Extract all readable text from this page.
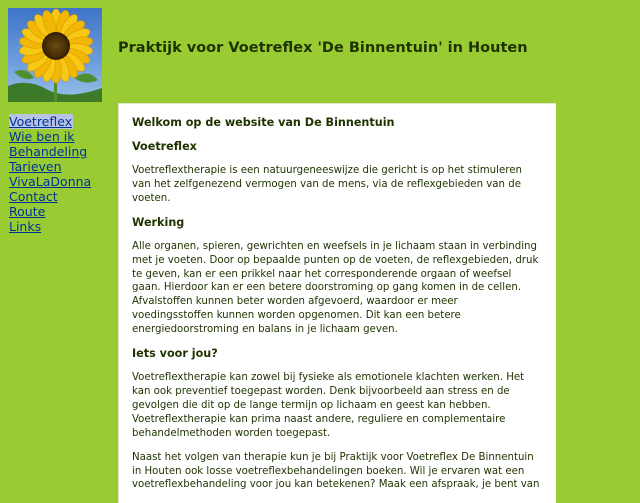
Praktijk voor Voetreflex 'De Binnentuin' in Houten
Voetreflex
Wie ben ik
Behandeling
Tarieven
VivaLaDonna
Contact
Route
Links
Welkom op de website van De Binnentuin
Voetreflex

Voetreflextherapie is een natuurgeneeswijze die gericht is op het stimuleren van het zelfgenezend vermogen van de mens, via de reflexgebieden van de voeten.

Werking

Alle organen, spieren, gewrichten en weefsels in je lichaam staan in verbinding met je voeten. Door op bepaalde punten op de voeten, de reflexgebieden, druk te geven, kan er een prikkel naar het corresponderende orgaan of weefsel gaan. Hierdoor kan er een betere doorstroming op gang komen in de cellen. Afvalstoffen kunnen beter worden afgevoerd, waardoor er meer voedingsstoffen kunnen worden opgenomen. Dit kan een betere energiedoorstroming en balans in je lichaam geven.

Iets voor jou?

Voetreflextherapie kan zowel bij fysieke als emotionele klachten werken. Het kan ook preventief toegepast worden. Denk bijvoorbeeld aan stress en de gevolgen die dit op de lange termijn op lichaam en geest kan hebben. Voetreflextherapie kan prima naast andere, reguliere en complementaire behandelmethoden worden toegepast.

Naast het volgen van therapie kun je bij Praktijk voor Voetreflex De Binnentuin in Houten ook losse voetreflexbehandelingen boeken. Wil je ervaren wat een voetreflexbehandeling voor jou kan betekenen? Maak een afspraak, je bent van
